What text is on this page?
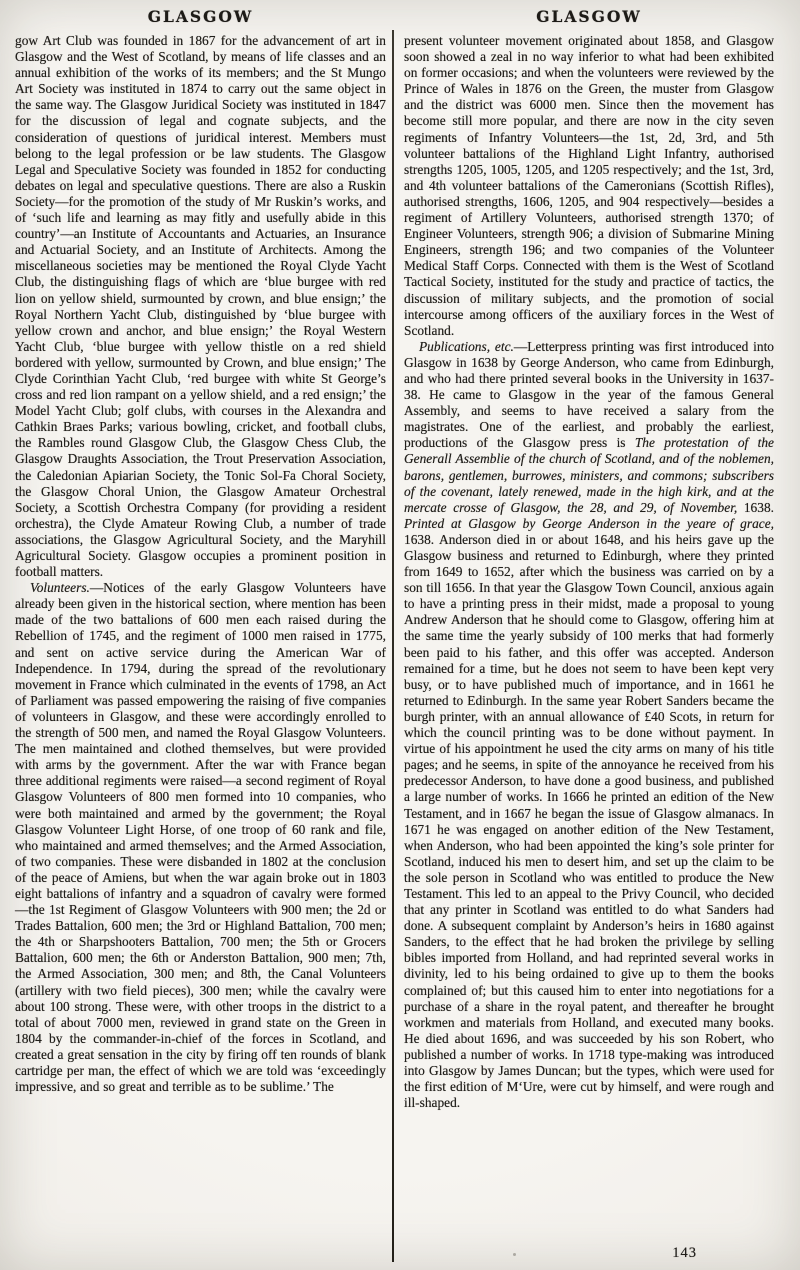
GLASGOW

gow Art Club was founded in 1867 for the advancement of art in Glasgow and the West of Scotland, by means of life classes and an annual exhibition of the works of its members; and the St Mungo Art Society was instituted in 1874 to carry out the same object in the same way. The Glasgow Juridical Society was instituted in 1847 for the discussion of legal and cognate subjects, and the consideration of questions of juridical interest. Members must belong to the legal profession or be law students. The Glasgow Legal and Speculative Society was founded in 1852 for conducting debates on legal and speculative questions. There are also a Ruskin Society—for the promotion of the study of Mr Ruskin’s works, and of ‘such life and learning as may fitly and usefully abide in this country’—an Institute of Accountants and Actuaries, an Insurance and Actuarial Society, and an Institute of Architects. Among the miscellaneous societies may be mentioned the Royal Clyde Yacht Club, the distinguishing flags of which are ‘blue burgee with red lion on yellow shield, surmounted by crown, and blue ensign;’ the Royal Northern Yacht Club, distinguished by ‘blue burgee with yellow crown and anchor, and blue ensign;’ the Royal Western Yacht Club, ‘blue burgee with yellow thistle on a red shield bordered with yellow, surmounted by Crown, and blue ensign;’ The Clyde Corinthian Yacht Club, ‘red burgee with white St George’s cross and red lion rampant on a yellow shield, and a red ensign;’ the Model Yacht Club; golf clubs, with courses in the Alexandra and Cathkin Braes Parks; various bowling, cricket, and football clubs, the Rambles round Glasgow Club, the Glasgow Chess Club, the Glasgow Draughts Association, the Trout Preservation Association, the Caledonian Apiarian Society, the Tonic Sol-Fa Choral Society, the Glasgow Choral Union, the Glasgow Amateur Orchestral Society, a Scottish Orchestra Company (for providing a resident orchestra), the Clyde Amateur Rowing Club, a number of trade associations, the Glasgow Agricultural Society, and the Maryhill Agricultural Society. Glasgow occupies a prominent position in football matters.

Volunteers.—Notices of the early Glasgow Volunteers have already been given in the historical section, where mention has been made of the two battalions of 600 men each raised during the Rebellion of 1745, and the regiment of 1000 men raised in 1775, and sent on active service during the American War of Independence. In 1794, during the spread of the revolutionary movement in France which culminated in the events of 1798, an Act of Parliament was passed empowering the raising of five companies of volunteers in Glasgow, and these were accordingly enrolled to the strength of 500 men, and named the Royal Glasgow Volunteers. The men maintained and clothed themselves, but were provided with arms by the government. After the war with France began three additional regiments were raised—a second regiment of Royal Glasgow Volunteers of 800 men formed into 10 companies, who were both maintained and armed by the government; the Royal Glasgow Volunteer Light Horse, of one troop of 60 rank and file, who maintained and armed themselves; and the Armed Association, of two companies. These were disbanded in 1802 at the conclusion of the peace of Amiens, but when the war again broke out in 1803 eight battalions of infantry and a squadron of cavalry were formed—the 1st Regiment of Glasgow Volunteers with 900 men; the 2d or Trades Battalion, 600 men; the 3rd or Highland Battalion, 700 men; the 4th or Sharpshooters Battalion, 700 men; the 5th or Grocers Battalion, 600 men; the 6th or Anderston Battalion, 900 men; 7th, the Armed Association, 300 men; and 8th, the Canal Volunteers (artillery with two field pieces), 300 men; while the cavalry were about 100 strong. These were, with other troops in the district to a total of about 7000 men, reviewed in grand state on the Green in 1804 by the commander-in-chief of the forces in Scotland, and created a great sensation in the city by firing off ten rounds of blank cartridge per man, the effect of which we are told was ‘exceedingly impressive, and so great and terrible as to be sublime.’ The

GLASGOW

present volunteer movement originated about 1858, and Glasgow soon showed a zeal in no way inferior to what had been exhibited on former occasions; and when the volunteers were reviewed by the Prince of Wales in 1876 on the Green, the muster from Glasgow and the district was 6000 men. Since then the movement has become still more popular, and there are now in the city seven regiments of Infantry Volunteers—the 1st, 2d, 3rd, and 5th volunteer battalions of the Highland Light Infantry, authorised strengths 1205, 1005, 1205, and 1205 respectively; and the 1st, 3rd, and 4th volunteer battalions of the Cameronians (Scottish Rifles), authorised strengths, 1606, 1205, and 904 respectively—besides a regiment of Artillery Volunteers, authorised strength 1370; of Engineer Volunteers, strength 906; a division of Submarine Mining Engineers, strength 196; and two companies of the Volunteer Medical Staff Corps. Connected with them is the West of Scotland Tactical Society, instituted for the study and practice of tactics, the discussion of military subjects, and the promotion of social intercourse among officers of the auxiliary forces in the West of Scotland.

Publications, etc.—Letterpress printing was first introduced into Glasgow in 1638 by George Anderson, who came from Edinburgh, and who had there printed several books in the University in 1637-38. He came to Glasgow in the year of the famous General Assembly, and seems to have received a salary from the magistrates. One of the earliest, and probably the earliest, productions of the Glasgow press is The protestation of the Generall Assemblie of the church of Scotland, and of the noblemen, barons, gentlemen, burrowes, ministers, and commons; subscribers of the covenant, lately renewed, made in the high kirk, and at the mercate crosse of Glasgow, the 28, and 29, of November, 1638. Printed at Glasgow by George Anderson in the yeare of grace, 1638. Anderson died in or about 1648, and his heirs gave up the Glasgow business and returned to Edinburgh, where they printed from 1649 to 1652, after which the business was carried on by a son till 1656. In that year the Glasgow Town Council, anxious again to have a printing press in their midst, made a proposal to young Andrew Anderson that he should come to Glasgow, offering him at the same time the yearly subsidy of 100 merks that had formerly been paid to his father, and this offer was accepted. Anderson remained for a time, but he does not seem to have been kept very busy, or to have published much of importance, and in 1661 he returned to Edinburgh. In the same year Robert Sanders became the burgh printer, with an annual allowance of £40 Scots, in return for which the council printing was to be done without payment. In virtue of his appointment he used the city arms on many of his title pages; and he seems, in spite of the annoyance he received from his predecessor Anderson, to have done a good business, and published a large number of works. In 1666 he printed an edition of the New Testament, and in 1667 he began the issue of Glasgow almanacs. In 1671 he was engaged on another edition of the New Testament, when Anderson, who had been appointed the king’s sole printer for Scotland, induced his men to desert him, and set up the claim to be the sole person in Scotland who was entitled to produce the New Testament. This led to an appeal to the Privy Council, who decided that any printer in Scotland was entitled to do what Sanders had done. A subsequent complaint by Anderson’s heirs in 1680 against Sanders, to the effect that he had broken the privilege by selling bibles imported from Holland, and had reprinted several works in divinity, led to his being ordained to give up to them the books complained of; but this caused him to enter into negotiations for a purchase of a share in the royal patent, and thereafter he brought workmen and materials from Holland, and executed many books. He died about 1696, and was succeeded by his son Robert, who published a number of works. In 1718 type-making was introduced into Glasgow by James Duncan; but the types, which were used for the first edition of M‘Ure, were cut by himself, and were rough and ill-shaped.

143
